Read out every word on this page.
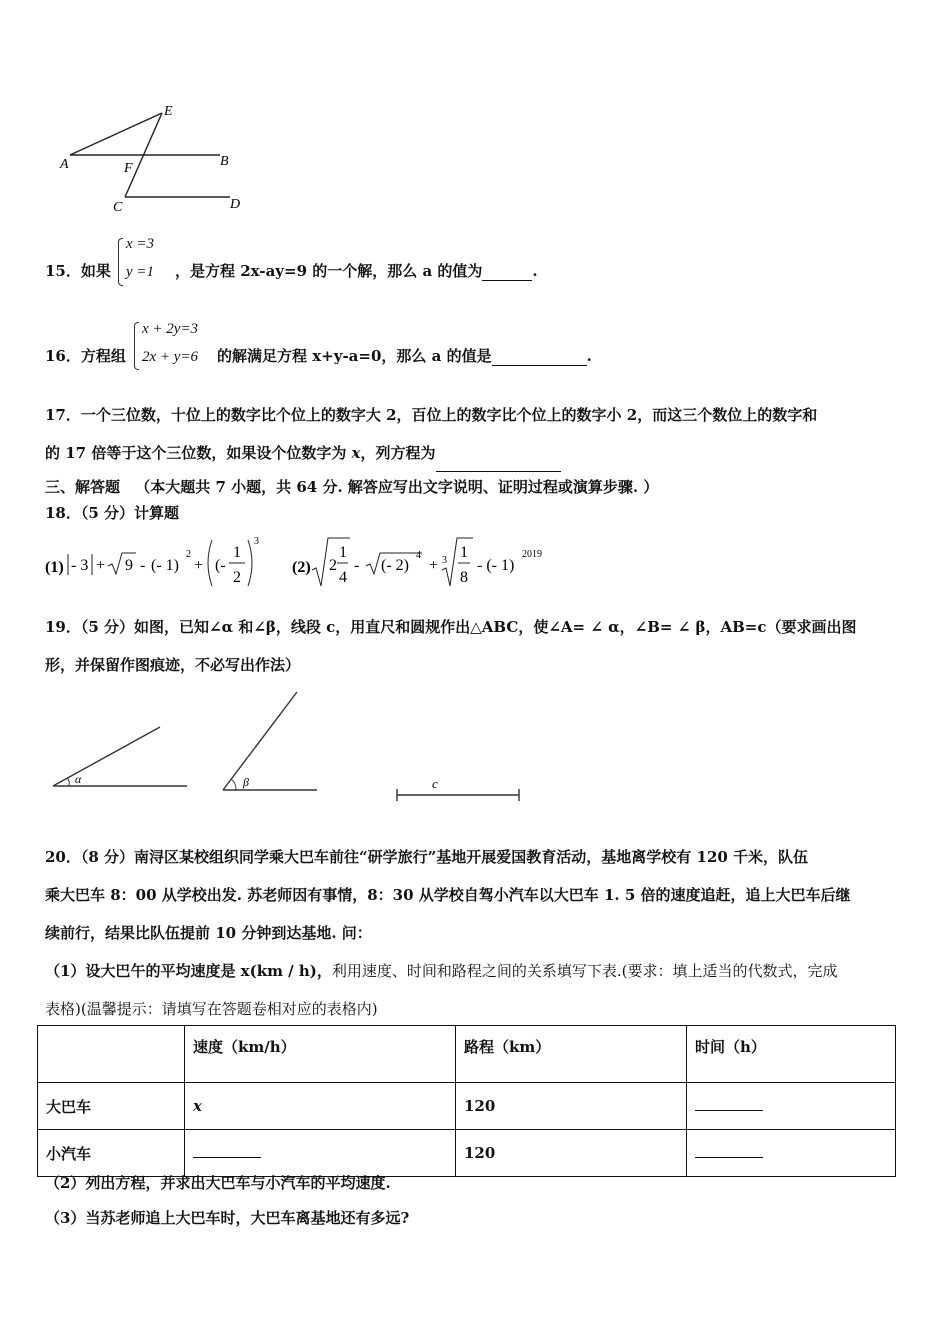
E
A	F	B
C	D
15．如果
x =3
y =1 ，是方程 2x-ay=9 的一个解，那么 a 的值为	.
16．方程组
x + 2y=3
2x + y=6 的解满足方程 x+y-a=0，那么 a 的值是	.
17．一个三位数，十位上的数字比个位上的数字大 2，百位上的数字比个位上的数字小 2，而这三个数位上的数字和
的 17 倍等于这个三位数，如果设个位数字为 x，列方程为
三、解答题 （本大题共 7 小题，共 64 分. 解答应写出文字说明、证明过程或演算步骤. ）
18．（5 分）计算题
(1) - 3 + 9 - (- 1)
2
+ (-
1
2
3
(2) 2
1
4
- (- 2)
4
+ 3 1
8
- (- 1)
2019
19．（5 分）如图，已知∠α 和∠β，线段 c，用直尺和圆规作出△ABC，使∠A= ∠ α，∠B= ∠ β，AB=c（要求画出图
形，并保留作图痕迹，不必写出作法）
α	β	c
20．（8 分）南浔区某校组织同学乘大巴车前往“研学旅行”基地开展爱国教育活动，基地离学校有 120 千米，队伍
乘大巴车 8：00 从学校出发. 苏老师因有事情，8：30 从学校自驾小汽车以大巴车 1. 5 倍的速度追赶，追上大巴车后继
续前行，结果比队伍提前 10 分钟到达基地. 问：
（1）设大巴午的平均速度是 x(km / h)，利用速度、时间和路程之间的关系填写下表.(要求：填上适当的代数式，完成
表格)(温馨提示：请填写在答题卷相对应的表格内)
	速度（km/h）	路程（km）	时间（h）
大巴车	x	120	
小汽车		120	
（2）列出方程，并求出大巴车与小汽车的平均速度.
（3）当苏老师追上大巴车时，大巴车离基地还有多远?
